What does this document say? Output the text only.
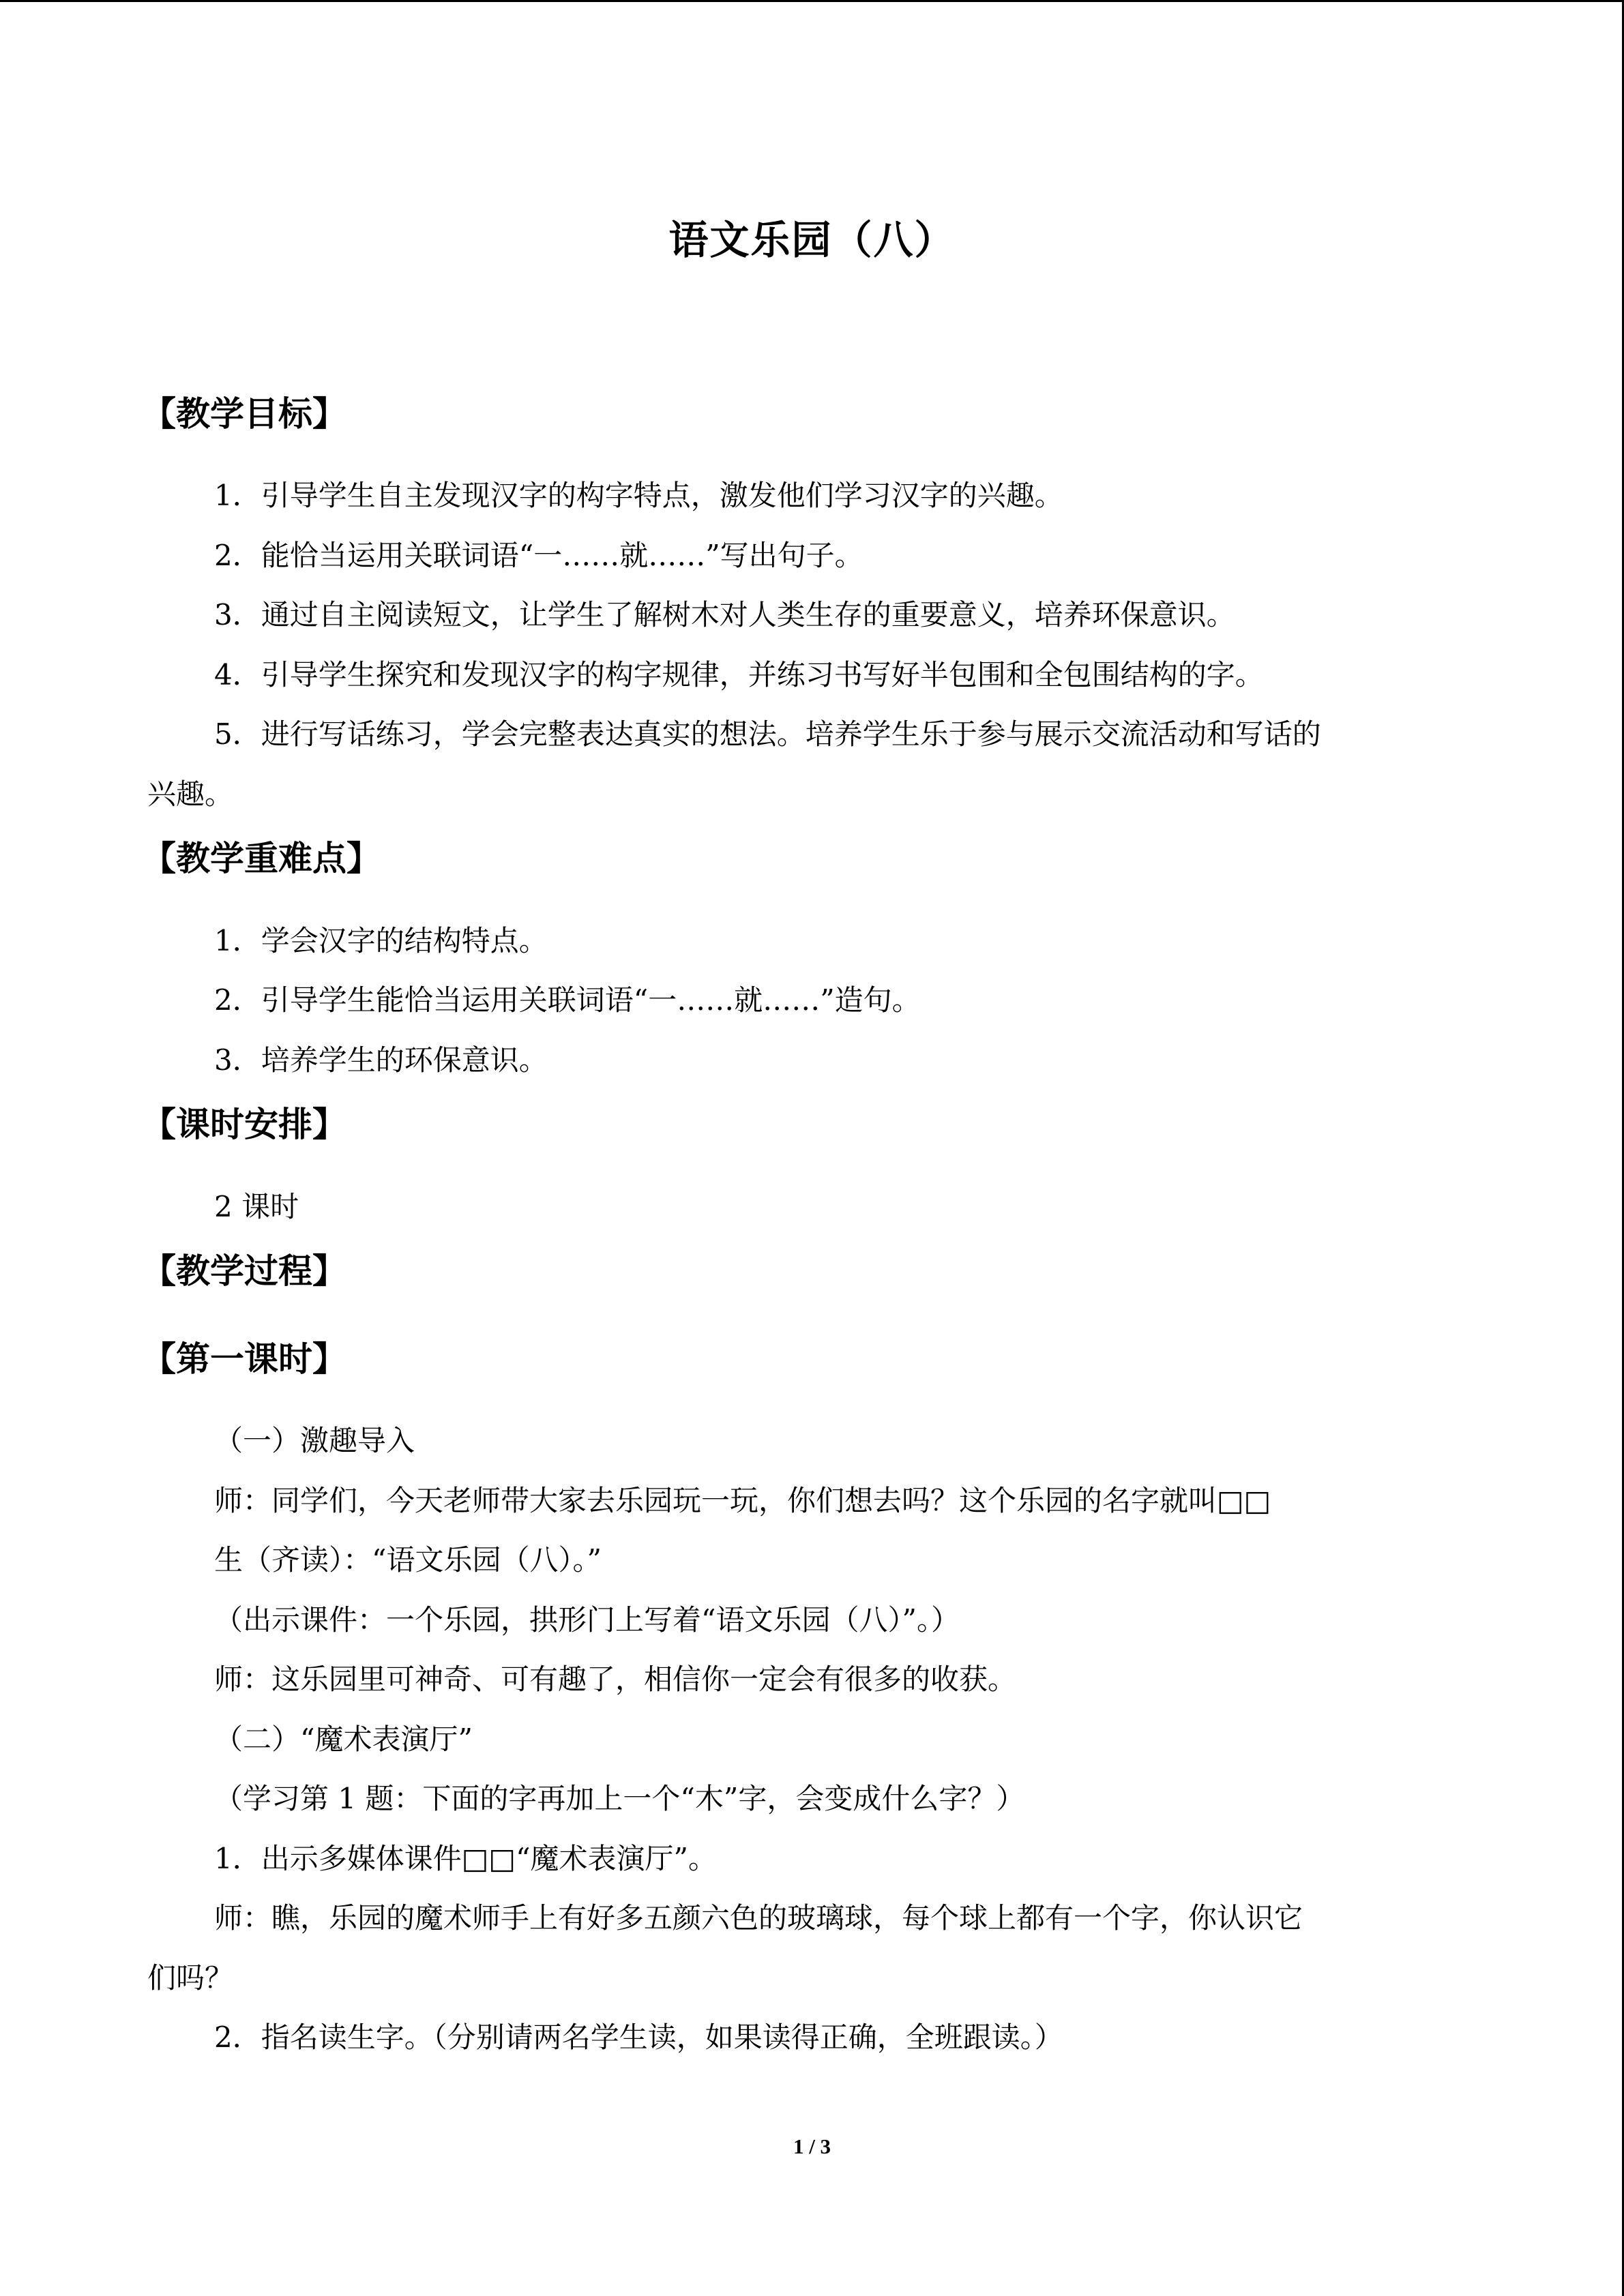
语文乐园（八）
【教学目标】
1．引导学生自主发现汉字的构字特点，激发他们学习汉字的兴趣。
2．能恰当运用关联词语“一……就……”写出句子。
3．通过自主阅读短文，让学生了解树木对人类生存的重要意义，培养环保意识。
4．引导学生探究和发现汉字的构字规律，并练习书写好半包围和全包围结构的字。
5．进行写话练习，学会完整表达真实的想法。培养学生乐于参与展示交流活动和写话的
兴趣。
【教学重难点】
1．学会汉字的结构特点。
2．引导学生能恰当运用关联词语“一……就……”造句。
3．培养学生的环保意识。
【课时安排】
2 课时
【教学过程】
【第一课时】
（一）激趣导入
师：同学们，今天老师带大家去乐园玩一玩，你们想去吗？这个乐园的名字就叫□□
生（齐读）：“语文乐园（八）。”
（出示课件：一个乐园，拱形门上写着“语文乐园（八）”。）
师：这乐园里可神奇、可有趣了，相信你一定会有很多的收获。
（二）“魔术表演厅”
（学习第 1 题：下面的字再加上一个“木”字，会变成什么字？）
1．出示多媒体课件□□“魔术表演厅”。
师：瞧，乐园的魔术师手上有好多五颜六色的玻璃球，每个球上都有一个字，你认识它
们吗？
2．指名读生字。（分别请两名学生读，如果读得正确，全班跟读。）
1 / 3
